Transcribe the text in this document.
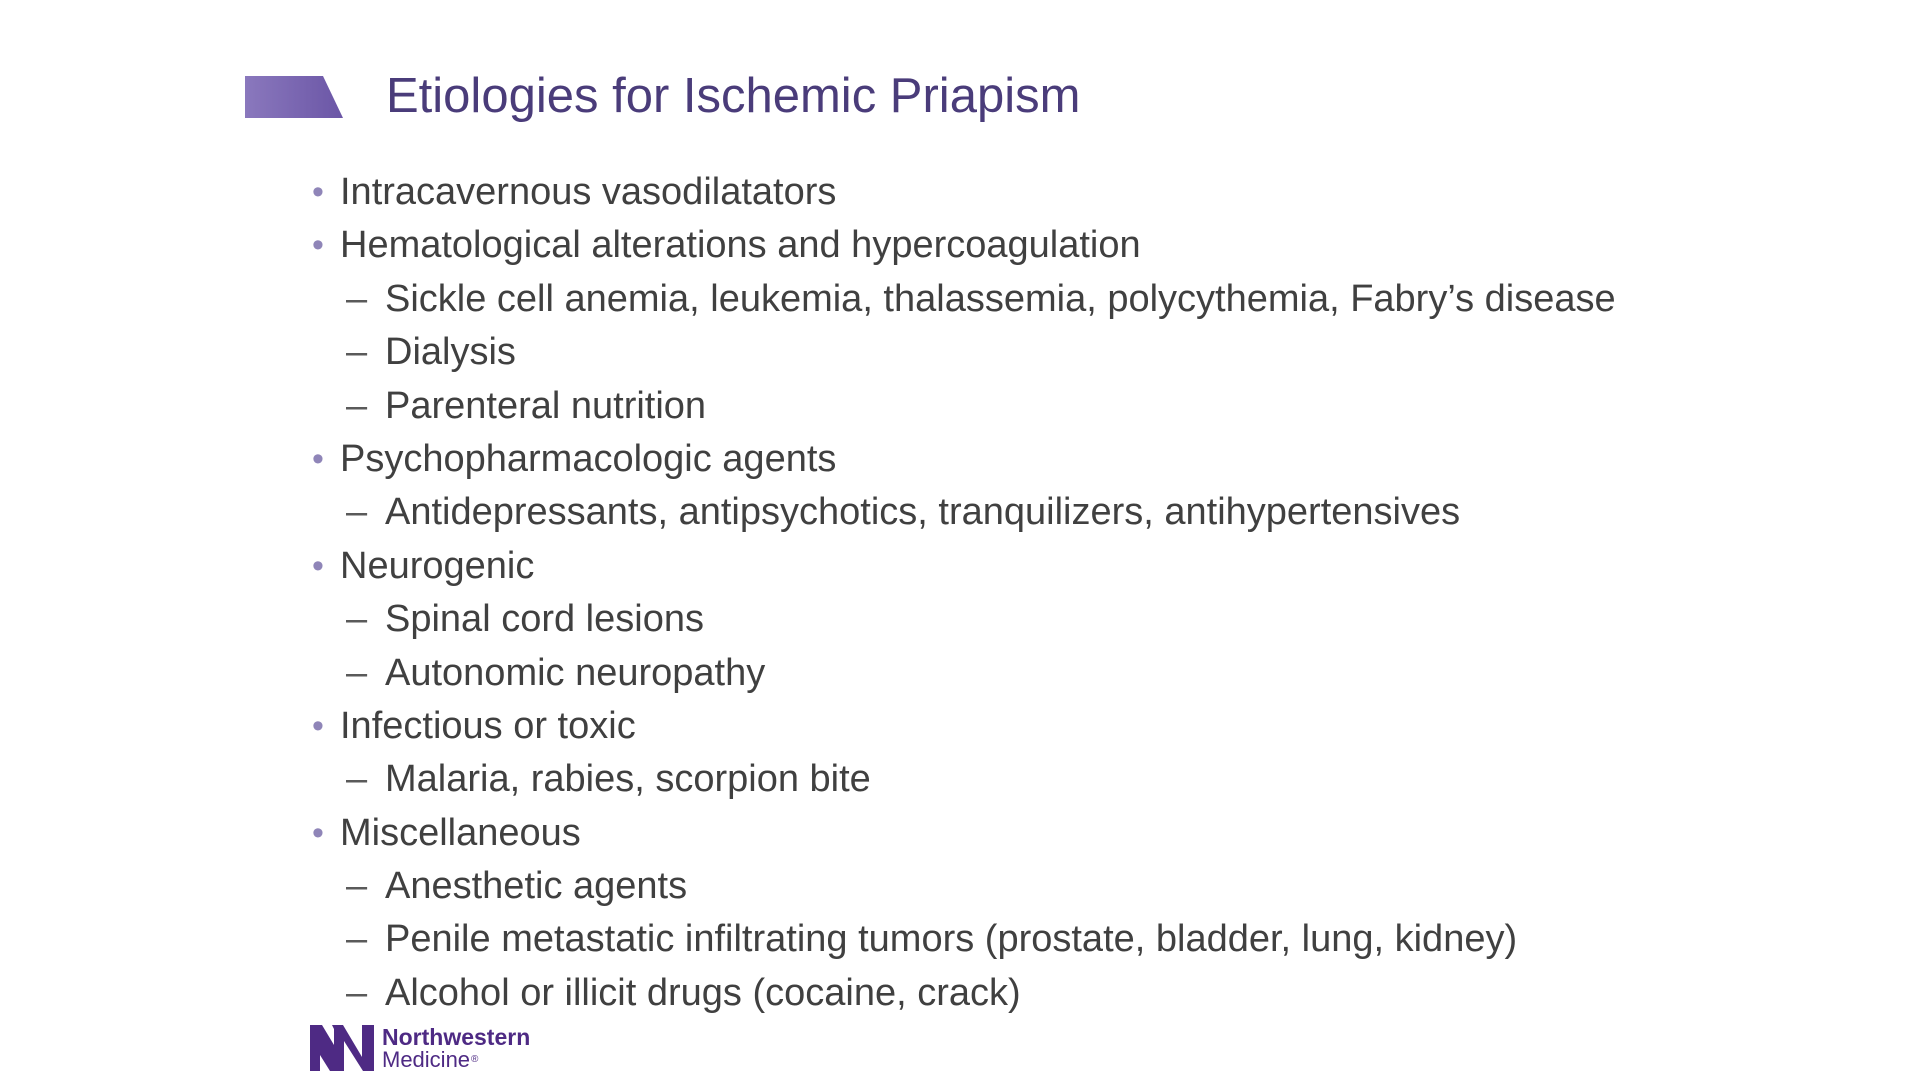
Etiologies for Ischemic Priapism
• Intracavernous vasodilatators
• Hematological alterations and hypercoagulation
– Sickle cell anemia, leukemia, thalassemia, polycythemia, Fabry’s disease
– Dialysis
– Parenteral nutrition
• Psychopharmacologic agents
– Antidepressants, antipsychotics, tranquilizers, antihypertensives
• Neurogenic
– Spinal cord lesions
– Autonomic neuropathy
• Infectious or toxic
– Malaria, rabies, scorpion bite
• Miscellaneous
– Anesthetic agents
– Penile metastatic infiltrating tumors (prostate, bladder, lung, kidney)
– Alcohol or illicit drugs (cocaine, crack)
Northwestern
Medicine®
